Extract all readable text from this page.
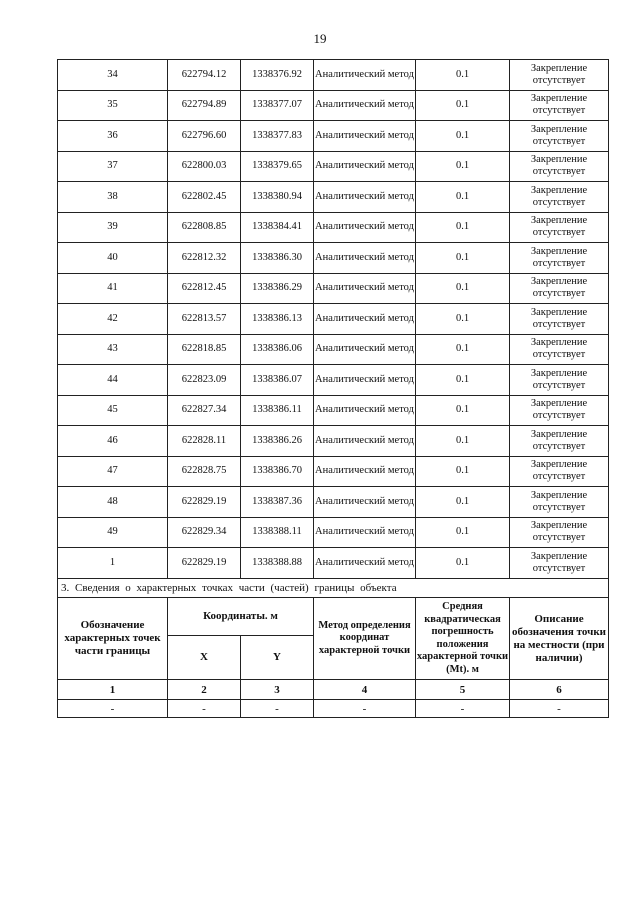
19
34	622794.12	1338376.92	Аналитический метод	0.1	Закрепление отсутствует
35	622794.89	1338377.07	Аналитический метод	0.1	Закрепление отсутствует
36	622796.60	1338377.83	Аналитический метод	0.1	Закрепление отсутствует
37	622800.03	1338379.65	Аналитический метод	0.1	Закрепление отсутствует
38	622802.45	1338380.94	Аналитический метод	0.1	Закрепление отсутствует
39	622808.85	1338384.41	Аналитический метод	0.1	Закрепление отсутствует
40	622812.32	1338386.30	Аналитический метод	0.1	Закрепление отсутствует
41	622812.45	1338386.29	Аналитический метод	0.1	Закрепление отсутствует
42	622813.57	1338386.13	Аналитический метод	0.1	Закрепление отсутствует
43	622818.85	1338386.06	Аналитический метод	0.1	Закрепление отсутствует
44	622823.09	1338386.07	Аналитический метод	0.1	Закрепление отсутствует
45	622827.34	1338386.11	Аналитический метод	0.1	Закрепление отсутствует
46	622828.11	1338386.26	Аналитический метод	0.1	Закрепление отсутствует
47	622828.75	1338386.70	Аналитический метод	0.1	Закрепление отсутствует
48	622829.19	1338387.36	Аналитический метод	0.1	Закрепление отсутствует
49	622829.34	1338388.11	Аналитический метод	0.1	Закрепление отсутствует
1	622829.19	1338388.88	Аналитический метод	0.1	Закрепление отсутствует
3. Сведения о характерных точках части (частей) границы объекта					
Обозначение характерных точек части границы	Координаты. м		Метод определения координат характерной точки	Средняя квадратическая погрешность положения характерной точки (Mt). м	Описание обозначения точки на местности (при наличии)
	X	Y			
1	2	3	4	5	6
-	-	-	-	-	-
